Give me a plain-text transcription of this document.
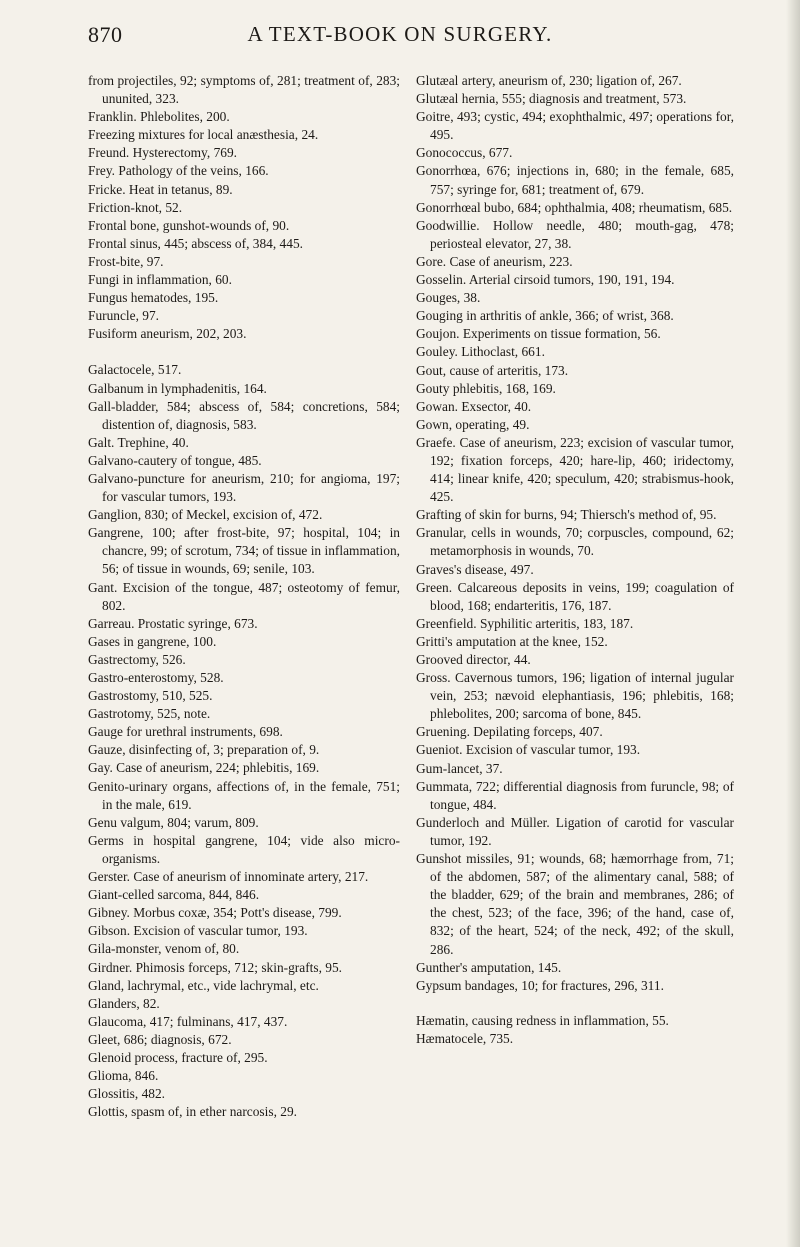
870	A TEXT-BOOK ON SURGERY.
from projectiles, 92; symptoms of, 281; treatment of, 283; ununited, 323.
Franklin. Phlebolites, 200.
Freezing mixtures for local anæsthesia, 24.
Freund. Hysterectomy, 769.
Frey. Pathology of the veins, 166.
Fricke. Heat in tetanus, 89.
Friction-knot, 52.
Frontal bone, gunshot-wounds of, 90.
Frontal sinus, 445; abscess of, 384, 445.
Frost-bite, 97.
Fungi in inflammation, 60.
Fungus hematodes, 195.
Furuncle, 97.
Fusiform aneurism, 202, 203.
Galactocele, 517.
Galbanum in lymphadenitis, 164.
Gall-bladder, 584; abscess of, 584; concretions, 584; distention of, diagnosis, 583.
Galt. Trephine, 40.
Galvano-cautery of tongue, 485.
Galvano-puncture for aneurism, 210; for angioma, 197; for vascular tumors, 193.
Ganglion, 830; of Meckel, excision of, 472.
Gangrene, 100; after frost-bite, 97; hospital, 104; in chancre, 99; of scrotum, 734; of tissue in inflammation, 56; of tissue in wounds, 69; senile, 103.
Gant. Excision of the tongue, 487; osteotomy of femur, 802.
Garreau. Prostatic syringe, 673.
Gases in gangrene, 100.
Gastrectomy, 526.
Gastro-enterostomy, 528.
Gastrostomy, 510, 525.
Gastrotomy, 525, note.
Gauge for urethral instruments, 698.
Gauze, disinfecting of, 3; preparation of, 9.
Gay. Case of aneurism, 224; phlebitis, 169.
Genito-urinary organs, affections of, in the female, 751; in the male, 619.
Genu valgum, 804; varum, 809.
Germs in hospital gangrene, 104; vide also micro-organisms.
Gerster. Case of aneurism of innominate artery, 217.
Giant-celled sarcoma, 844, 846.
Gibney. Morbus coxæ, 354; Pott's disease, 799.
Gibson. Excision of vascular tumor, 193.
Gila-monster, venom of, 80.
Girdner. Phimosis forceps, 712; skin-grafts, 95.
Gland, lachrymal, etc., vide lachrymal, etc.
Glanders, 82.
Glaucoma, 417; fulminans, 417, 437.
Gleet, 686; diagnosis, 672.
Glenoid process, fracture of, 295.
Glioma, 846.
Glossitis, 482.
Glottis, spasm of, in ether narcosis, 29.
Glutæal artery, aneurism of, 230; ligation of, 267.
Glutæal hernia, 555; diagnosis and treatment, 573.
Goitre, 493; cystic, 494; exophthalmic, 497; operations for, 495.
Gonococcus, 677.
Gonorrhœa, 676; injections in, 680; in the female, 685, 757; syringe for, 681; treatment of, 679.
Gonorrhœal bubo, 684; ophthalmia, 408; rheumatism, 685.
Goodwillie. Hollow needle, 480; mouth-gag, 478; periosteal elevator, 27, 38.
Gore. Case of aneurism, 223.
Gosselin. Arterial cirsoid tumors, 190, 191, 194.
Gouges, 38.
Gouging in arthritis of ankle, 366; of wrist, 368.
Goujon. Experiments on tissue formation, 56.
Gouley. Lithoclast, 661.
Gout, cause of arteritis, 173.
Gouty phlebitis, 168, 169.
Gowan. Exsector, 40.
Gown, operating, 49.
Graefe. Case of aneurism, 223; excision of vascular tumor, 192; fixation forceps, 420; hare-lip, 460; iridectomy, 414; linear knife, 420; speculum, 420; strabismus-hook, 425.
Grafting of skin for burns, 94; Thiersch's method of, 95.
Granular, cells in wounds, 70; corpuscles, compound, 62; metamorphosis in wounds, 70.
Graves's disease, 497.
Green. Calcareous deposits in veins, 199; coagulation of blood, 168; endarteritis, 176, 187.
Greenfield. Syphilitic arteritis, 183, 187.
Gritti's amputation at the knee, 152.
Grooved director, 44.
Gross. Cavernous tumors, 196; ligation of internal jugular vein, 253; nævoid elephantiasis, 196; phlebitis, 168; phlebolites, 200; sarcoma of bone, 845.
Gruening. Depilating forceps, 407.
Gueniot. Excision of vascular tumor, 193.
Gum-lancet, 37.
Gummata, 722; differential diagnosis from furuncle, 98; of tongue, 484.
Gunderloch and Müller. Ligation of carotid for vascular tumor, 192.
Gunshot missiles, 91; wounds, 68; hæmorrhage from, 71; of the abdomen, 587; of the alimentary canal, 588; of the bladder, 629; of the brain and membranes, 286; of the chest, 523; of the face, 396; of the hand, case of, 832; of the heart, 524; of the neck, 492; of the skull, 286.
Gunther's amputation, 145.
Gypsum bandages, 10; for fractures, 296, 311.
Hæmatin, causing redness in inflammation, 55.
Hæmatocele, 735.
